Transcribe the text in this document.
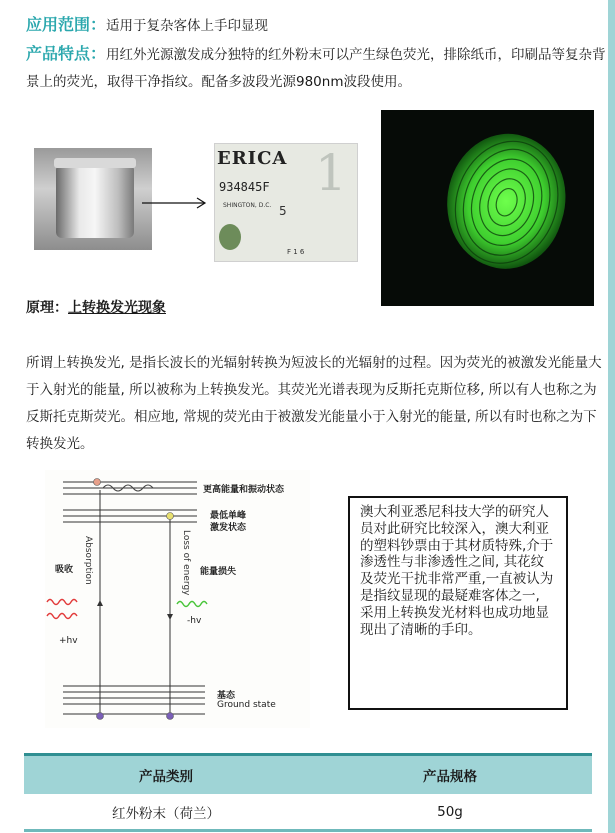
应用范围：适用于复杂客体上手印显现
产品特点：用红外光源激发成分独特的红外粉末可以产生绿色荧光，排除纸币，印刷品等复杂背景上的荧光，取得干净指纹。配备多波段光源980nm波段使用。
1
ERICA
934845F
SHINGTON, D.C. 5
F 1 6
原理：上转换发光现象
所谓上转换发光, 是指长波长的光辐射转换为短波长的光辐射的过程。因为荧光的被激发光能量大于入射光的能量, 所以被称为上转换发光。其荧光光谱表现为反斯托克斯位移, 所以有人也称之为反斯托克斯荧光。相应地, 常规的荧光由于被激发光能量小于入射光的能量, 所以有时也称之为下转换发光。
更高能量和振动状态
最低单峰
激发状态
吸收 Absorption
+hv
Loss of energy 能量损失
-hv
基态
Ground state
澳大利亚悉尼科技大学的研究人员对此研究比较深入，澳大利亚的塑料钞票由于其材质特殊,介于渗透性与非渗透性之间, 其花纹及荧光干扰非常严重,一直被认为是指纹显现的最疑难客体之一, 采用上转换发光材料也成功地显现出了清晰的手印。
产品类别	产品规格
红外粉末（荷兰）	50g
